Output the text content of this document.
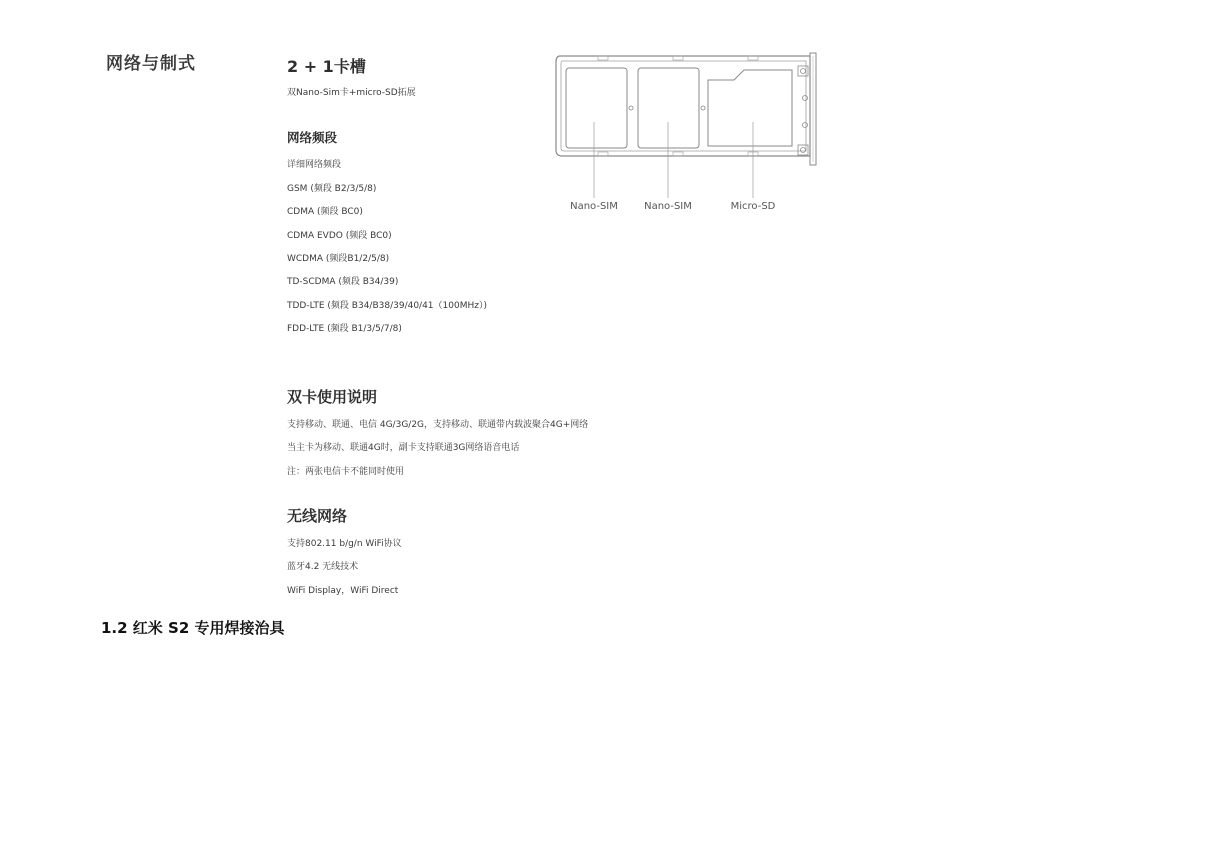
网络与制式	2 + 1卡槽
双Nano-Sim卡+micro-SD拓展
网络频段
详细网络频段
GSM (频段 B2/3/5/8)
CDMA (频段 BC0)
CDMA EVDO (频段 BC0)
WCDMA (频段B1/2/5/8)
TD-SCDMA (频段 B34/39)
TDD-LTE (频段 B34/B38/39/40/41（100MHz）)
FDD-LTE (频段 B1/3/5/7/8)
双卡使用说明
支持移动、联通、电信 4G/3G/2G，支持移动、联通带内载波聚合4G+网络
当主卡为移动、联通4G时，副卡支持联通3G网络语音电话
注：两张电信卡不能同时使用
无线网络
支持802.11 b/g/n WiFi协议
蓝牙4.2 无线技术
WiFi Display，WiFi Direct
1.2 红米 S2 专用焊接治具
Nano-SIM	Nano-SIM	Micro-SD
